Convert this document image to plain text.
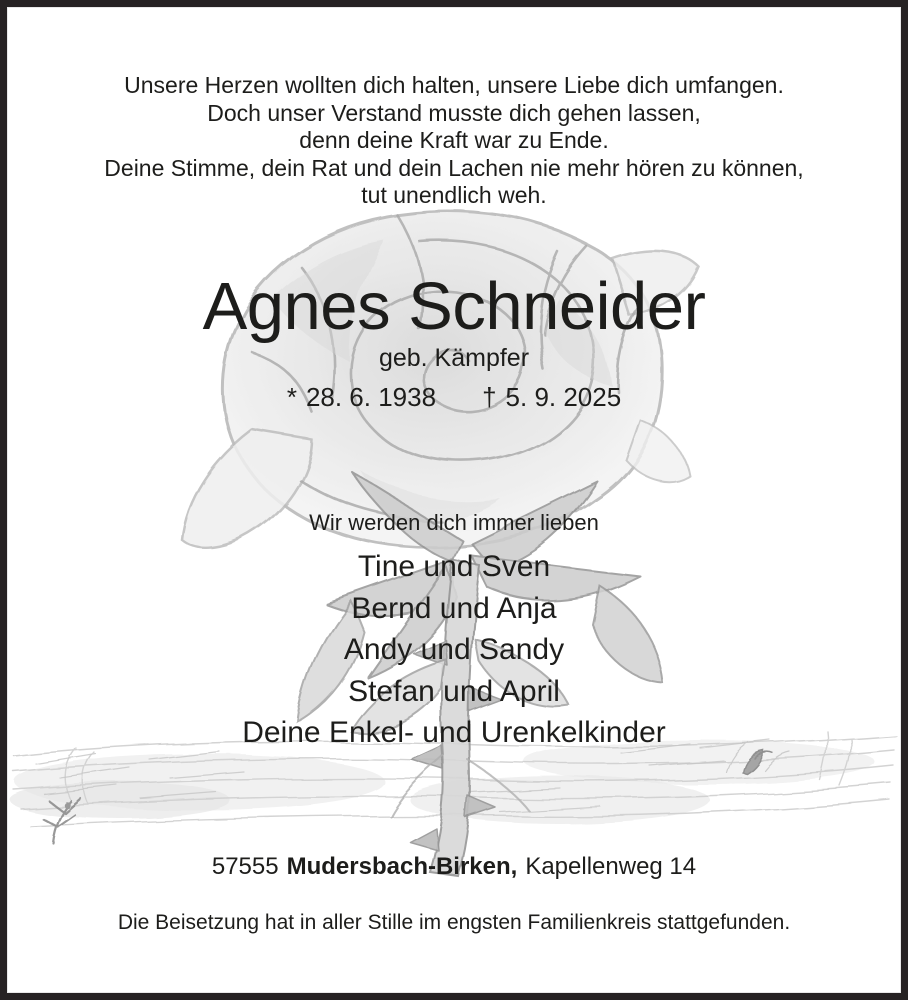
Unsere Herzen wollten dich halten, unsere Liebe dich umfangen.
Doch unser Verstand musste dich gehen lassen,
denn deine Kraft war zu Ende.
Deine Stimme, dein Rat und dein Lachen nie mehr hören zu können,
tut unendlich weh.
Agnes Schneider
geb. Kämpfer
* 28. 6. 1938 † 5. 9. 2025
Wir werden dich immer lieben
Tine und Sven
Bernd und Anja
Andy und Sandy
Stefan und April
Deine Enkel- und Urenkelkinder
57555 Mudersbach-Birken, Kapellenweg 14
Die Beisetzung hat in aller Stille im engsten Familienkreis stattgefunden.
